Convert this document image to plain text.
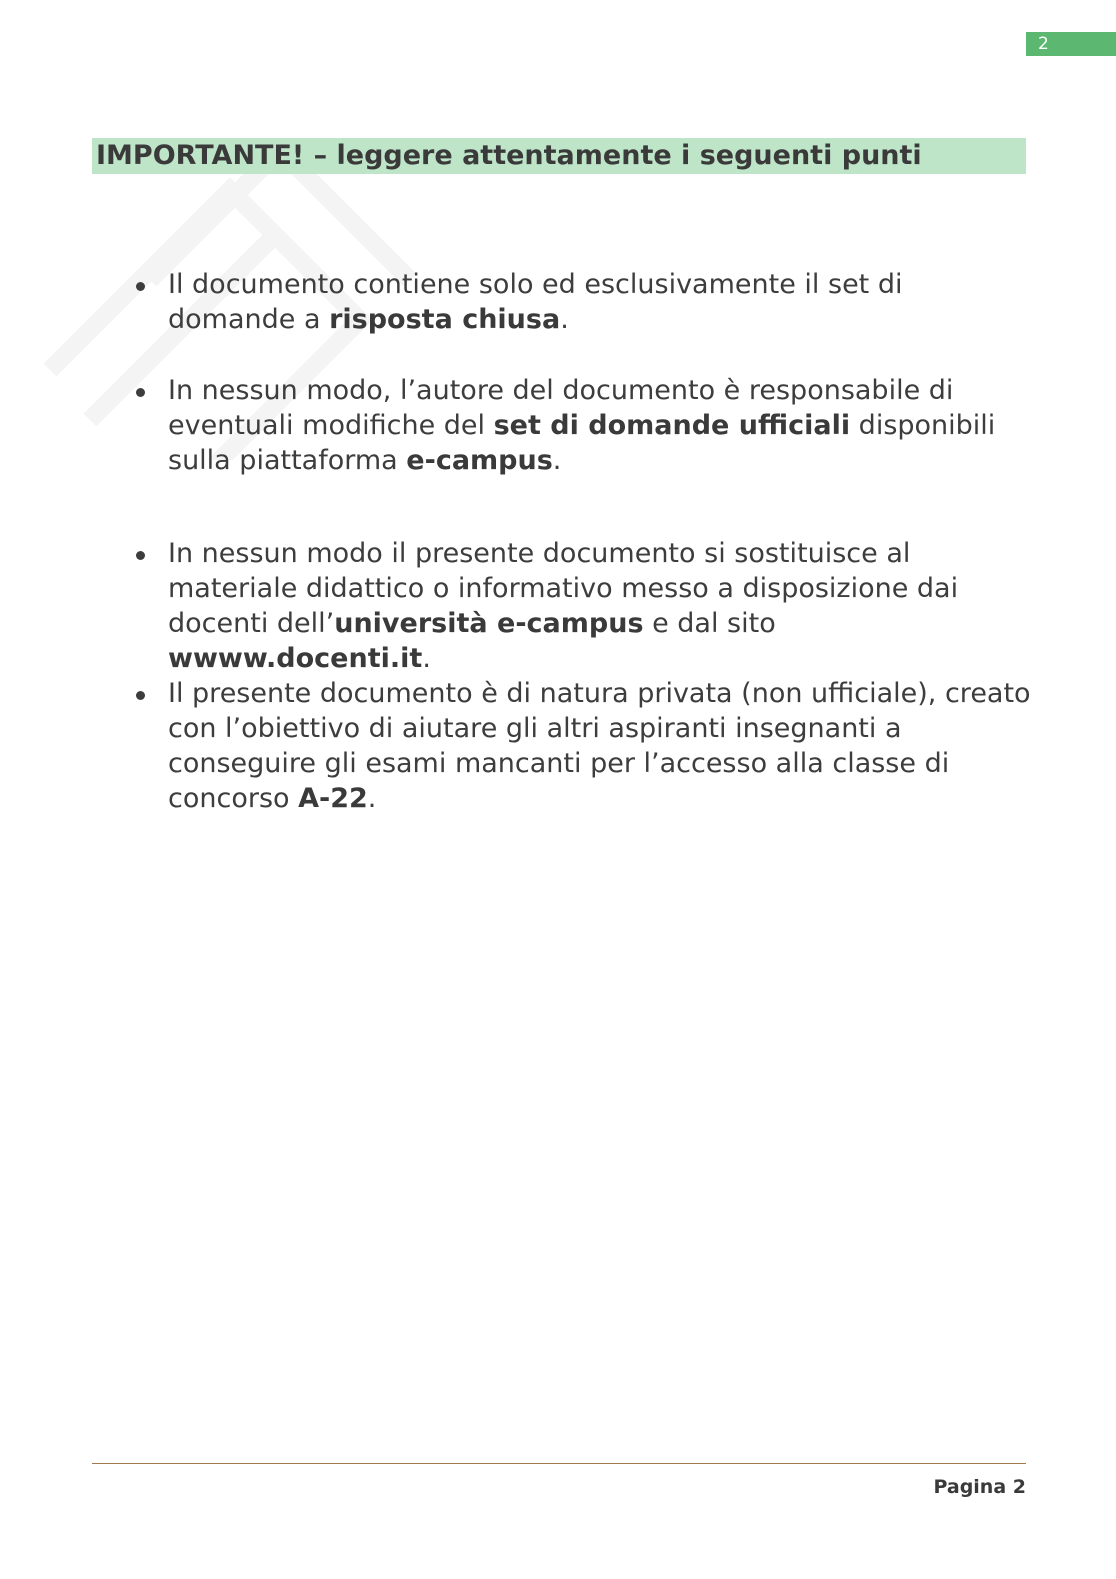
2
IMPORTANTE! – leggere attentamente i seguenti punti

Il documento contiene solo ed esclusivamente il set di domande a risposta chiusa.

In nessun modo, l’autore del documento è responsabile di eventuali modifiche del set di domande ufficiali disponibili sulla piattaforma e-campus.

In nessun modo il presente documento si sostituisce al materiale didattico o informativo messo a disposizione dai docenti dell’università e-campus e dal sito wwww.docenti.it.

Il presente documento è di natura privata (non ufficiale), creato con l’obiettivo di aiutare gli altri aspiranti insegnanti a conseguire gli esami mancanti per l’accesso alla classe di concorso A-22.

Pagina 2
